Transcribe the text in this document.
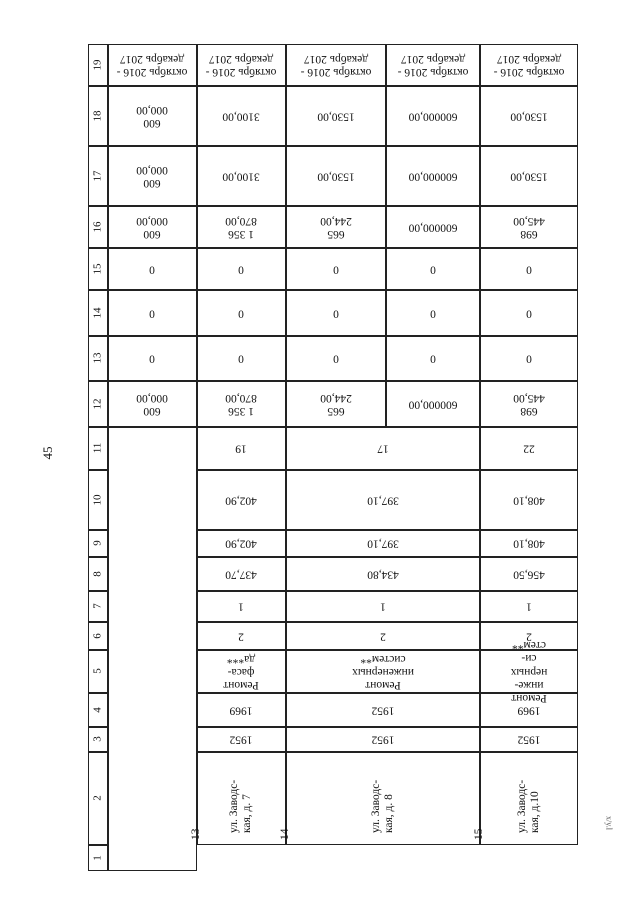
45
x/y.l
1
2
3
4
5
6
7
8
9
10
11
12
13
14
15
16
17
18
19
600 000,00
0
0
0
600 000,00
600 000,00
600 000,00
октябрь 2016 -
декабрь 2017
ул. Заводс- кая, д. 7
13
1952
1969
Ремонт фаса- да***
2
1
437,70
402,90
402,90
19
1 356 870,00
0
0
0
1 356 870,00
3100,00
3100,00
октябрь 2016 -
декабрь 2017
ул. Заводс- кая, д. 8
14
1952
1952
Ремонт инженерных систем**
2
1
434,80
397,10
397,10
17
665 244,00
0
0
0
665 244,00
1530,00
1530,00
октябрь 2016 -
декабрь 2017
600000,00
0
0
0
600000,00
600000,00
600000,00
октябрь 2016 -
декабрь 2017
ул. Заводс- кая, д.10
15
1952
1969
Ремонт инже- нерных си- стем**
2
1
456,50
408,10
408,10
22
698 445,00
0
0
0
698 445,00
1530,00
1530,00
октябрь 2016 -
декабрь 2017
